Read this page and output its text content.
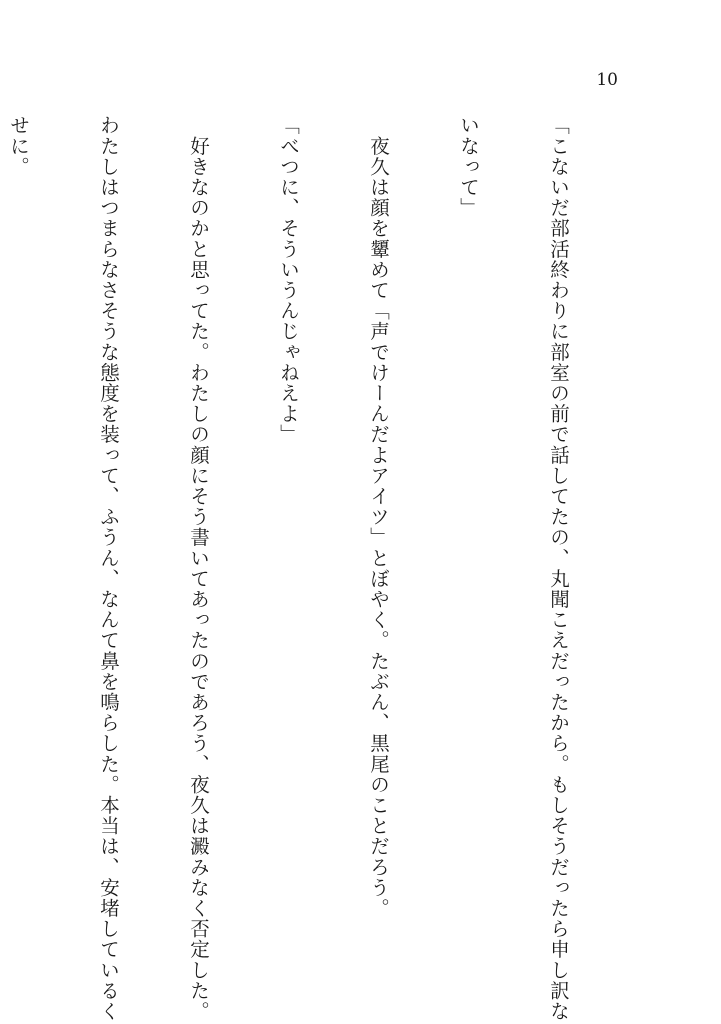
10

「こないだ部活終わりに部室の前で話してたの、丸聞こえだったから。もしそうだったら申し訳な

いなって」

　夜久は顔を顰めて「声でけーんだよアイツ」とぼやく。たぶん、黒尾のことだろう。

「べつに、そういうんじゃねえよ」

　好きなのかと思ってた。わたしの顔にそう書いてあったのであろう、夜久は澱みなく否定した。

わたしはつまらなさそうな態度を装って、ふうん、なんて鼻を鳴らした。本当は、安堵しているく

せに。
